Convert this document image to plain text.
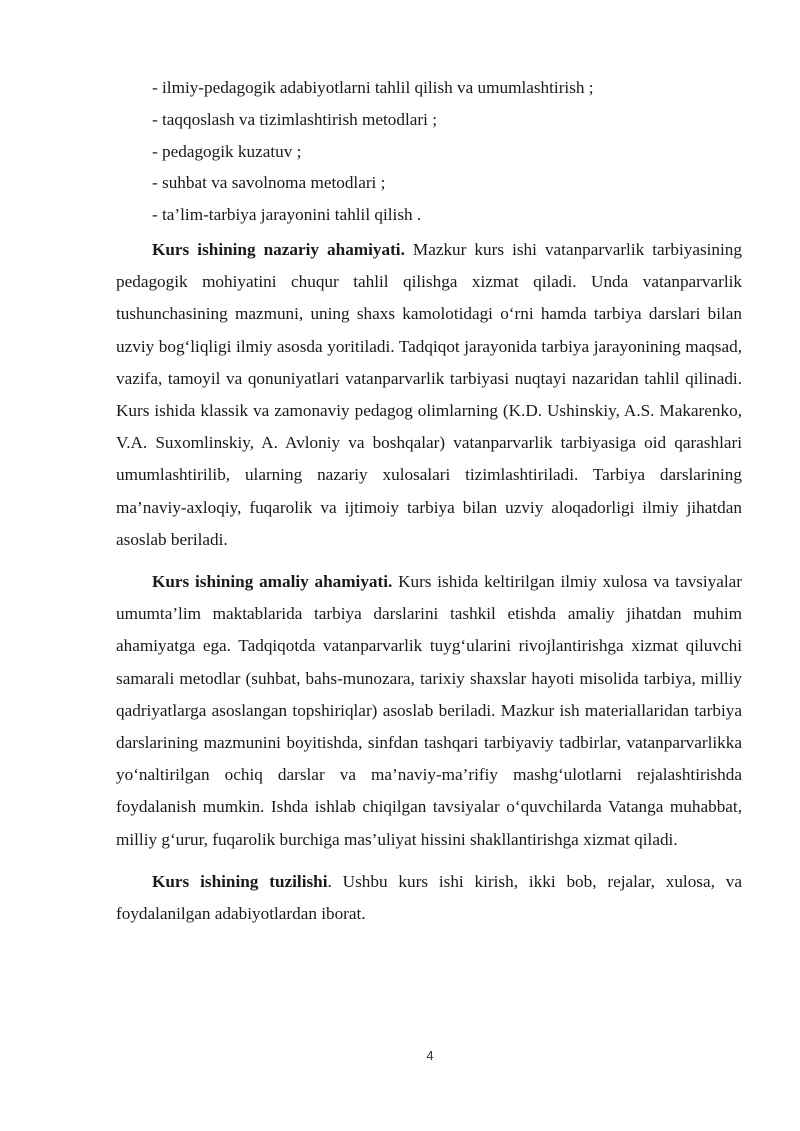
- ilmiy-pedagogik adabiyotlarni tahlil qilish va umumlashtirish ;
- taqqoslash va tizimlashtirish metodlari ;
- pedagogik kuzatuv ;
- suhbat va savolnoma metodlari ;
- ta’lim-tarbiya jarayonini tahlil qilish .

Kurs ishining nazariy ahamiyati. Mazkur kurs ishi vatanparvarlik tarbiyasining pedagogik mohiyatini chuqur tahlil qilishga xizmat qiladi. Unda vatanparvarlik tushunchasining mazmuni, uning shaxs kamolotidagi o‘rni hamda tarbiya darslari bilan uzviy bog‘liqligi ilmiy asosda yoritiladi. Tadqiqot jarayonida tarbiya jarayonining maqsad, vazifa, tamoyil va qonuniyatlari vatanparvarlik tarbiyasi nuqtayi nazaridan tahlil qilinadi. Kurs ishida klassik va zamonaviy pedagog olimlarning (K.D. Ushinskiy, A.S. Makarenko, V.A. Suxomlinskiy, A. Avloniy va boshqalar) vatanparvarlik tarbiyasiga oid qarashlari umumlashtirilib, ularning nazariy xulosalari tizimlashtiriladi. Tarbiya darslarining ma’naviy-axloqiy, fuqarolik va ijtimoiy tarbiya bilan uzviy aloqadorligi ilmiy jihatdan asoslab beriladi.

Kurs ishining amaliy ahamiyati. Kurs ishida keltirilgan ilmiy xulosa va tavsiyalar umumta’lim maktablarida tarbiya darslarini tashkil etishda amaliy jihatdan muhim ahamiyatga ega. Tadqiqotda vatanparvarlik tuyg‘ularini rivojlantirishga xizmat qiluvchi samarali metodlar (suhbat, bahs-munozara, tarixiy shaxslar hayoti misolida tarbiya, milliy qadriyatlarga asoslangan topshiriqlar) asoslab beriladi. Mazkur ish materiallaridan tarbiya darslarining mazmunini boyitishda, sinfdan tashqari tarbiyaviy tadbirlar, vatanparvarlikka yo‘naltirilgan ochiq darslar va ma’naviy-ma’rifiy mashg‘ulotlarni rejalashtirishda foydalanish mumkin. Ishda ishlab chiqilgan tavsiyalar o‘quvchilarda Vatanga muhabbat, milliy g‘urur, fuqarolik burchiga mas’uliyat hissini shakllantirishga xizmat qiladi.

Kurs ishining tuzilishi. Ushbu kurs ishi kirish, ikki bob, rejalar, xulosa, va foydalanilgan adabiyotlardan iborat.

4
